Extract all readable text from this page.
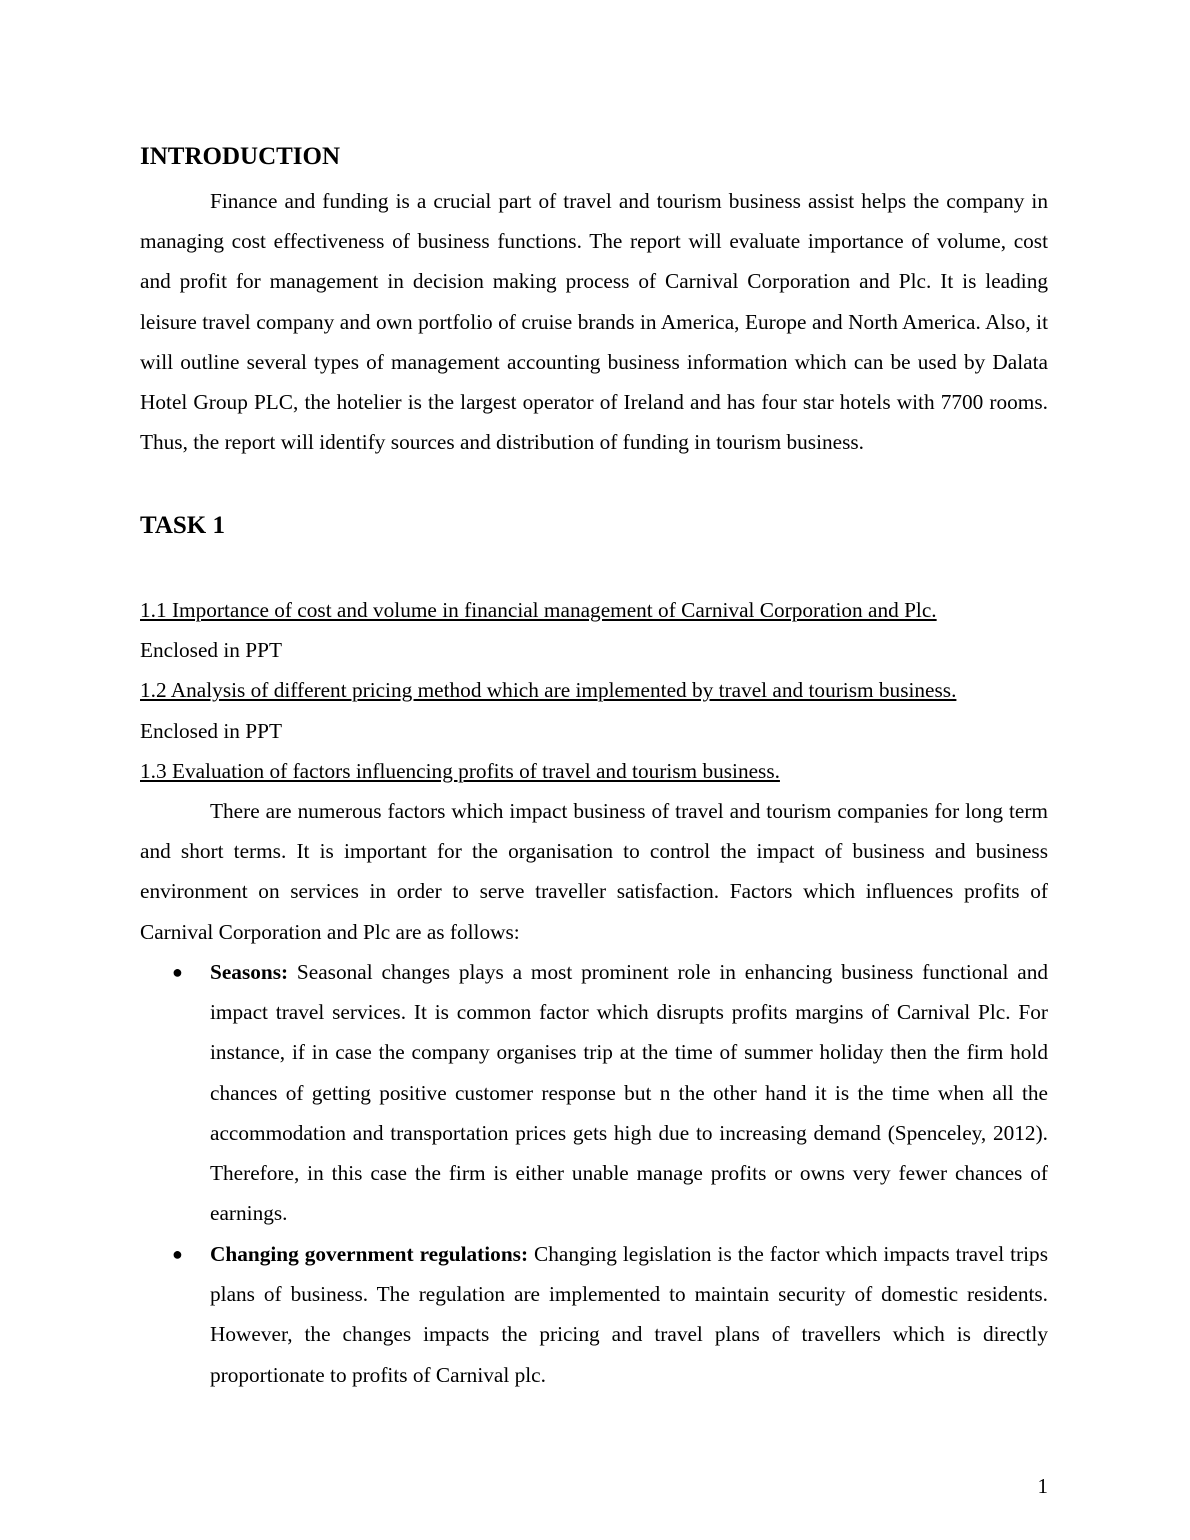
INTRODUCTION

Finance and funding is a crucial part of travel and tourism business assist helps the company in managing cost effectiveness of business functions. The report will evaluate importance of volume, cost and profit for management in decision making process of Carnival Corporation and Plc. It is leading leisure travel company and own portfolio of cruise brands in America, Europe and North America. Also, it will outline several types of management accounting business information which can be used by Dalata Hotel Group PLC, the hotelier is the largest operator of Ireland and has four star hotels with 7700 rooms. Thus, the report will identify sources and distribution of funding in tourism business.

TASK 1
1.1 Importance of cost and volume in financial management of Carnival Corporation and Plc.
Enclosed in PPT
1.2 Analysis of different pricing method which are implemented by travel and tourism business.
Enclosed in PPT
1.3 Evaluation of factors influencing profits of travel and tourism business.

There are numerous factors which impact business of travel and tourism companies for long term and short terms. It is important for the organisation to control the impact of business and business environment on services in order to serve traveller satisfaction. Factors which influences profits of Carnival Corporation and Plc are as follows:

● Seasons: Seasonal changes plays a most prominent role in enhancing business functional and impact travel services. It is common factor which disrupts profits margins of Carnival Plc. For instance, if in case the company organises trip at the time of summer holiday then the firm hold chances of getting positive customer response but n the other hand it is the time when all the accommodation and transportation prices gets high due to increasing demand (Spenceley, 2012). Therefore, in this case the firm is either unable manage profits or owns very fewer chances of earnings.
● Changing government regulations: Changing legislation is the factor which impacts travel trips plans of business. The regulation are implemented to maintain security of domestic residents. However, the changes impacts the pricing and travel plans of travellers which is directly proportionate to profits of Carnival plc.
1
